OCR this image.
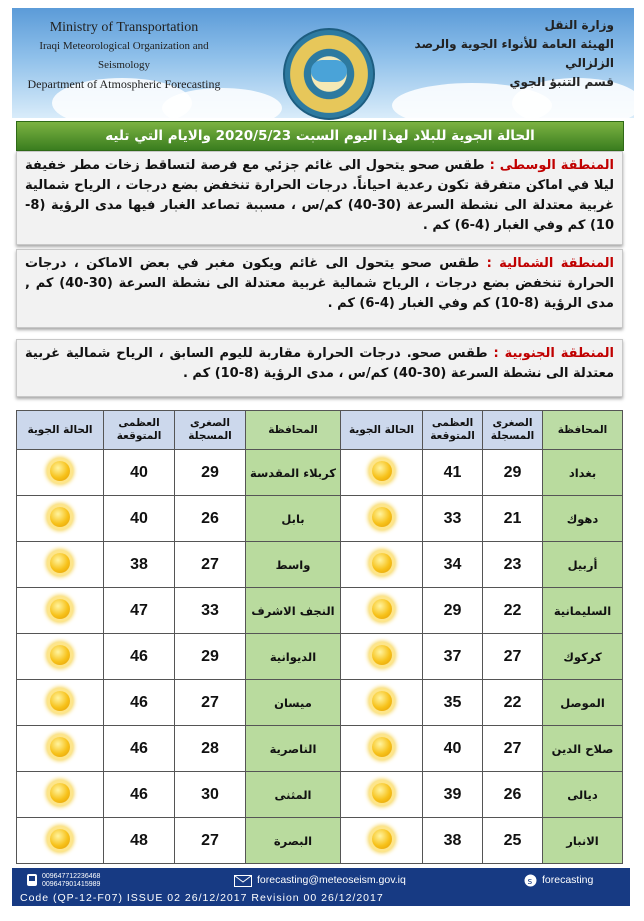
Ministry of Transportation
Iraqi Meteorological Organization and Seismology
Department of Atmospheric Forecasting
وزارة النقل
الهيئة العامة للأنواء الجوية والرصد الزلزالي
قسم التنبؤ الجوي
الحالة الجوية للبلاد لهذا اليوم السبت 2020/5/23 والايام التي تليه

المنطقة الوسطى : طقس صحو يتحول الى غائم جزئي مع فرصة لتساقط زخات مطر خفيفة ليلا في اماكن متفرقة تكون رعدية احياناً. درجات الحرارة تنخفض بضع درجات ، الرياح شمالية غربية معتدلة الى نشطة السرعة (30-40) كم/س ، مسببة تصاعد الغبار فيها مدى الرؤية (8-10) كم وفي الغبار (4-6) كم .

المنطقة الشمالية : طقس صحو يتحول الى غائم ويكون مغبر في بعض الاماكن ، درجات الحرارة تنخفض بضع درجات ، الرياح شمالية غربية معتدلة الى نشطة السرعة (30-40) كم , مدى الرؤية (8-10) كم وفي الغبار (4-6) كم .

المنطقة الجنوبية : طقس صحو. درجات الحرارة مقاربة لليوم السابق ، الرياح شمالية غربية معتدلة الى نشطة السرعة (30-40) كم/س ، مدى الرؤية (8-10) كم .

الحالة الجوية	العظمى المتوقعة	الصغرى المسجلة	المحافظة	الحالة الجوية	العظمى المتوقعة	الصغرى المسجلة	المحافظة
	40	29	كربلاء المقدسة		41	29	بغداد
	40	26	بابل		33	21	دهوك
	38	27	واسط		34	23	أربيل
	47	33	النجف الاشرف		29	22	السليمانية
	46	29	الديوانية		37	27	كركوك
	46	27	ميسان		35	22	الموصل
	46	28	الناصرية		40	27	صلاح الدين
	46	30	المثنى		39	26	ديالى
	48	27	البصرة		38	25	الانبار
009647712236468
009647901415989	forecasting@meteoseism.gov.iq	s forecasting
Code (QP-12-F07) ISSUE 02 26/12/2017 Revision 00 26/12/2017
